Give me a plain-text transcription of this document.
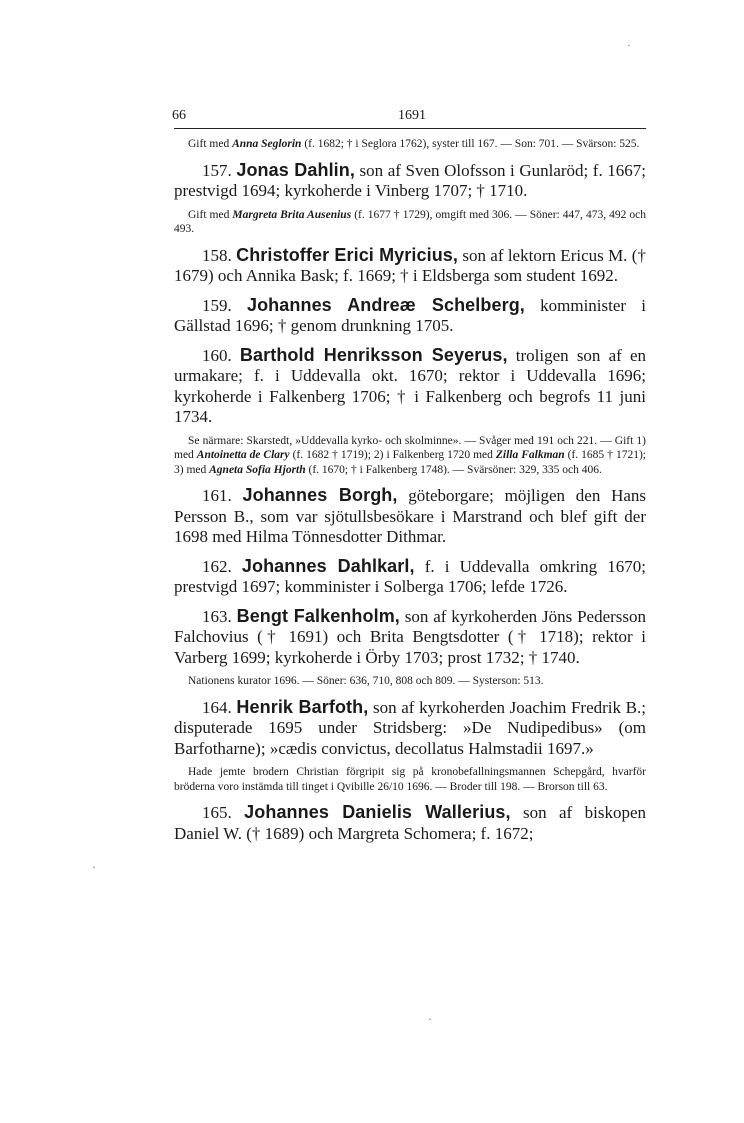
·
ˎ
·
66	1691

Gift med Anna Seglorin (f. 1682; † i Seglora 1762), syster till 167. — Son: 701. — Svärson: 525.

157. Jonas Dahlin, son af Sven Olofsson i Gunlaröd; f. 1667; prestvigd 1694; kyrkoherde i Vinberg 1707; † 1710.

Gift med Margreta Brita Ausenius (f. 1677 † 1729), omgift med 306. — Söner: 447, 473, 492 och 493.

158. Christoffer Erici Myricius, son af lektorn Ericus M. († 1679) och Annika Bask; f. 1669; † i Eldsberga som student 1692.

159. Johannes Andreæ Schelberg, komminister i Gällstad 1696; † genom drunkning 1705.

160. Barthold Henriksson Seyerus, troligen son af en urmakare; f. i Uddevalla okt. 1670; rektor i Uddevalla 1696; kyrkoherde i Falkenberg 1706; † i Falkenberg och begrofs 11 juni 1734.

Se närmare: Skarstedt, »Uddevalla kyrko- och skolminne». — Svåger med 191 och 221. — Gift 1) med Antoinetta de Clary (f. 1682 † 1719); 2) i Falkenberg 1720 med Zilla Falkman (f. 1685 † 1721); 3) med Agneta Sofia Hjorth (f. 1670; † i Falkenberg 1748). — Svärsöner: 329, 335 och 406.

161. Johannes Borgh, göteborgare; möjligen den Hans Persson B., som var sjötullsbesökare i Marstrand och blef gift der 1698 med Hilma Tönnesdotter Dithmar.

162. Johannes Dahlkarl, f. i Uddevalla omkring 1670; prestvigd 1697; komminister i Solberga 1706; lefde 1726.

163. Bengt Falkenholm, son af kyrkoherden Jöns Pedersson Falchovius († 1691) och Brita Bengtsdotter († 1718); rektor i Varberg 1699; kyrkoherde i Örby 1703; prost 1732; † 1740.

Nationens kurator 1696. — Söner: 636, 710, 808 och 809. — Systerson: 513.

164. Henrik Barfoth, son af kyrkoherden Joachim Fredrik B.; disputerade 1695 under Stridsberg: »De Nudipedibus» (om Barfotharne); »cædis convictus, decollatus Halmstadii 1697.»

Hade jemte brodern Christian förgripit sig på kronobefallningsmannen Schepgård, hvarför bröderna voro instämda till tinget i Qvibille 26/10 1696. — Broder till 198. — Brorson till 63.

165. Johannes Danielis Wallerius, son af biskopen Daniel W. († 1689) och Margreta Schomera; f. 1672;
